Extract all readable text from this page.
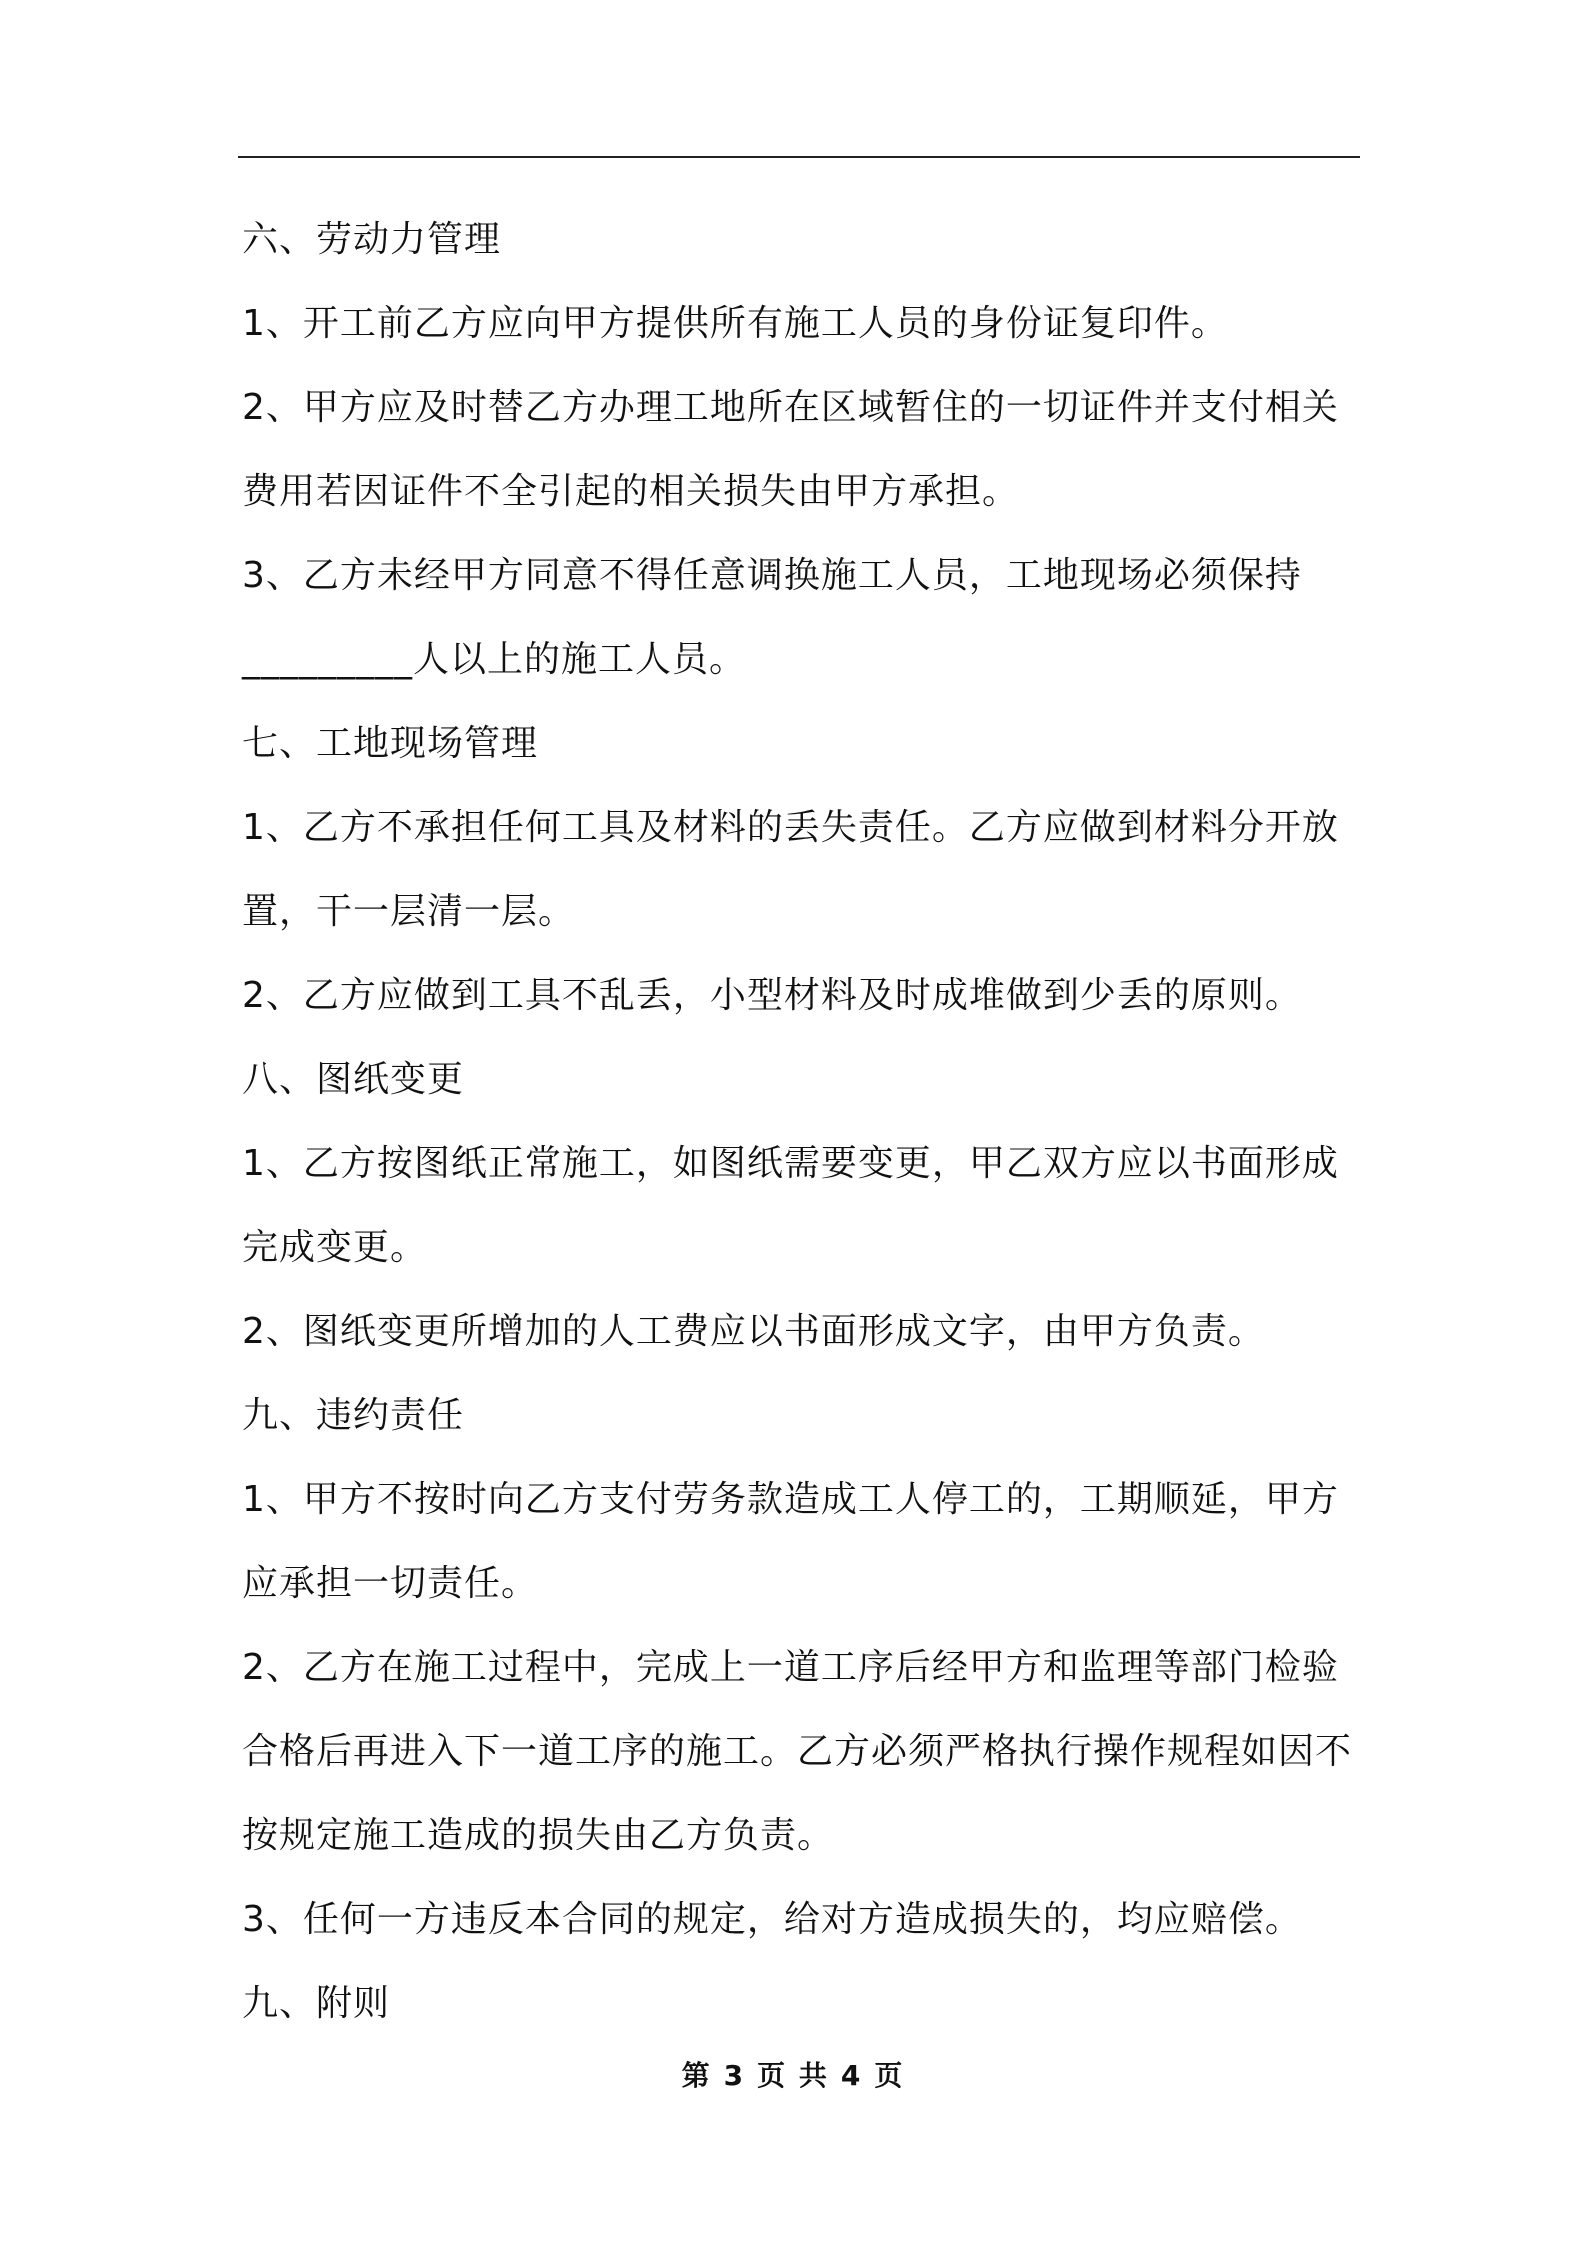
六、劳动力管理
1、开工前乙方应向甲方提供所有施工人员的身份证复印件。
2、甲方应及时替乙方办理工地所在区域暂住的一切证件并支付相关
费用若因证件不全引起的相关损失由甲方承担。
3、乙方未经甲方同意不得任意调换施工人员，工地现场必须保持
_________人以上的施工人员。
七、工地现场管理
1、乙方不承担任何工具及材料的丢失责任。乙方应做到材料分开放
置，干一层清一层。
2、乙方应做到工具不乱丢，小型材料及时成堆做到少丢的原则。
八、图纸变更
1、乙方按图纸正常施工，如图纸需要变更，甲乙双方应以书面形成
完成变更。
2、图纸变更所增加的人工费应以书面形成文字，由甲方负责。
九、违约责任
1、甲方不按时向乙方支付劳务款造成工人停工的，工期顺延，甲方
应承担一切责任。
2、乙方在施工过程中，完成上一道工序后经甲方和监理等部门检验
合格后再进入下一道工序的施工。乙方必须严格执行操作规程如因不
按规定施工造成的损失由乙方负责。
3、任何一方违反本合同的规定，给对方造成损失的，均应赔偿。
九、附则
第 3 页 共 4 页
